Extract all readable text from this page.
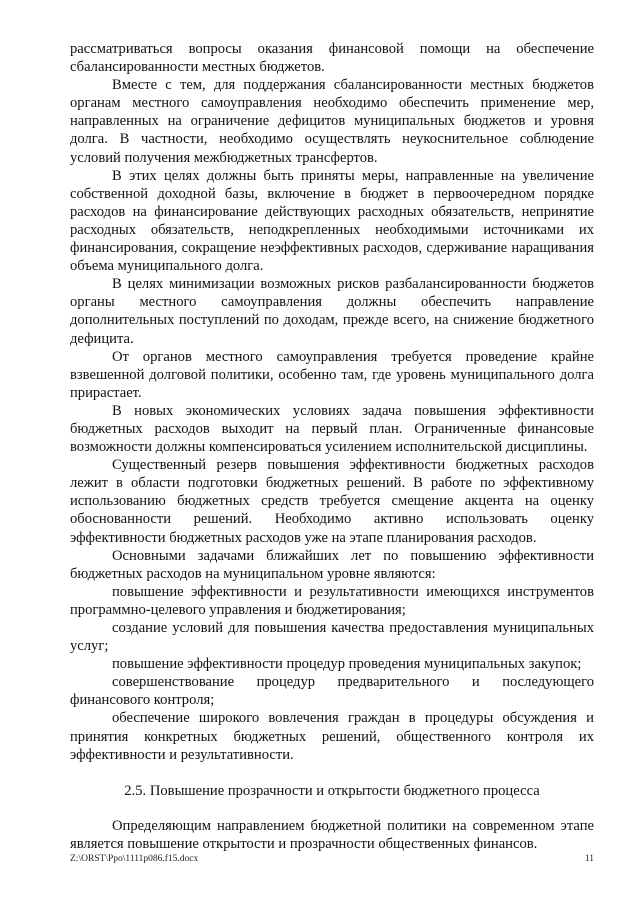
рассматриваться вопросы оказания финансовой помощи на обеспечение сбалансированности местных бюджетов.

Вместе с тем, для поддержания сбалансированности местных бюджетов органам местного самоуправления необходимо обеспечить применение мер, направленных на ограничение дефицитов муниципальных бюджетов и уровня долга. В частности, необходимо осуществлять неукоснительное соблюдение условий получения межбюджетных трансфертов.

В этих целях должны быть приняты меры, направленные на увеличение собственной доходной базы, включение в бюджет в первоочередном порядке расходов на финансирование действующих расходных обязательств, непринятие расходных обязательств, неподкрепленных необходимыми источниками их финансирования, сокращение неэффективных расходов, сдерживание наращивания объема муниципального долга.

В целях минимизации возможных рисков разбалансированности бюджетов органы местного самоуправления должны обеспечить направление дополнительных поступлений по доходам, прежде всего, на снижение бюджетного дефицита.

От органов местного самоуправления требуется проведение крайне взвешенной долговой политики, особенно там, где уровень муниципального долга прирастает.

В новых экономических условиях задача повышения эффективности бюджетных расходов выходит на первый план. Ограниченные финансовые возможности должны компенсироваться усилением исполнительской дисциплины.

Существенный резерв повышения эффективности бюджетных расходов лежит в области подготовки бюджетных решений. В работе по эффективному использованию бюджетных средств требуется смещение акцента на оценку обоснованности решений. Необходимо активно использовать оценку эффективности бюджетных расходов уже на этапе планирования расходов.

Основными задачами ближайших лет по повышению эффективности бюджетных расходов на муниципальном уровне являются:

повышение эффективности и результативности имеющихся инструментов программно-целевого управления и бюджетирования;

создание условий для повышения качества предоставления муниципальных услуг;

повышение эффективности процедур проведения муниципальных закупок;

совершенствование процедур предварительного и последующего финансового контроля;

обеспечение широкого вовлечения граждан в процедуры обсуждения и принятия конкретных бюджетных решений, общественного контроля их эффективности и результативности.

2.5. Повышение прозрачности и открытости бюджетного процесса

Определяющим направлением бюджетной политики на современном этапе является повышение открытости и прозрачности общественных финансов.

Z:\ORST\Ppo\1111p086.f15.docx	11
